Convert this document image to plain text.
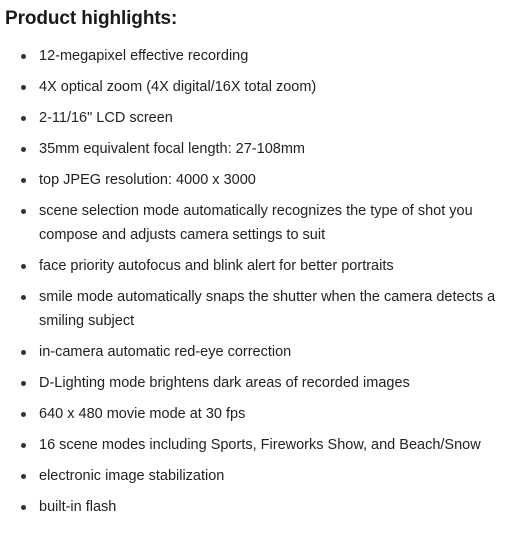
Product highlights:
12-megapixel effective recording
4X optical zoom (4X digital/16X total zoom)
2-11/16" LCD screen
35mm equivalent focal length: 27-108mm
top JPEG resolution: 4000 x 3000
scene selection mode automatically recognizes the type of shot you compose and adjusts camera settings to suit
face priority autofocus and blink alert for better portraits
smile mode automatically snaps the shutter when the camera detects a smiling subject
in-camera automatic red-eye correction
D-Lighting mode brightens dark areas of recorded images
640 x 480 movie mode at 30 fps
16 scene modes including Sports, Fireworks Show, and Beach/Snow
electronic image stabilization
built-in flash
